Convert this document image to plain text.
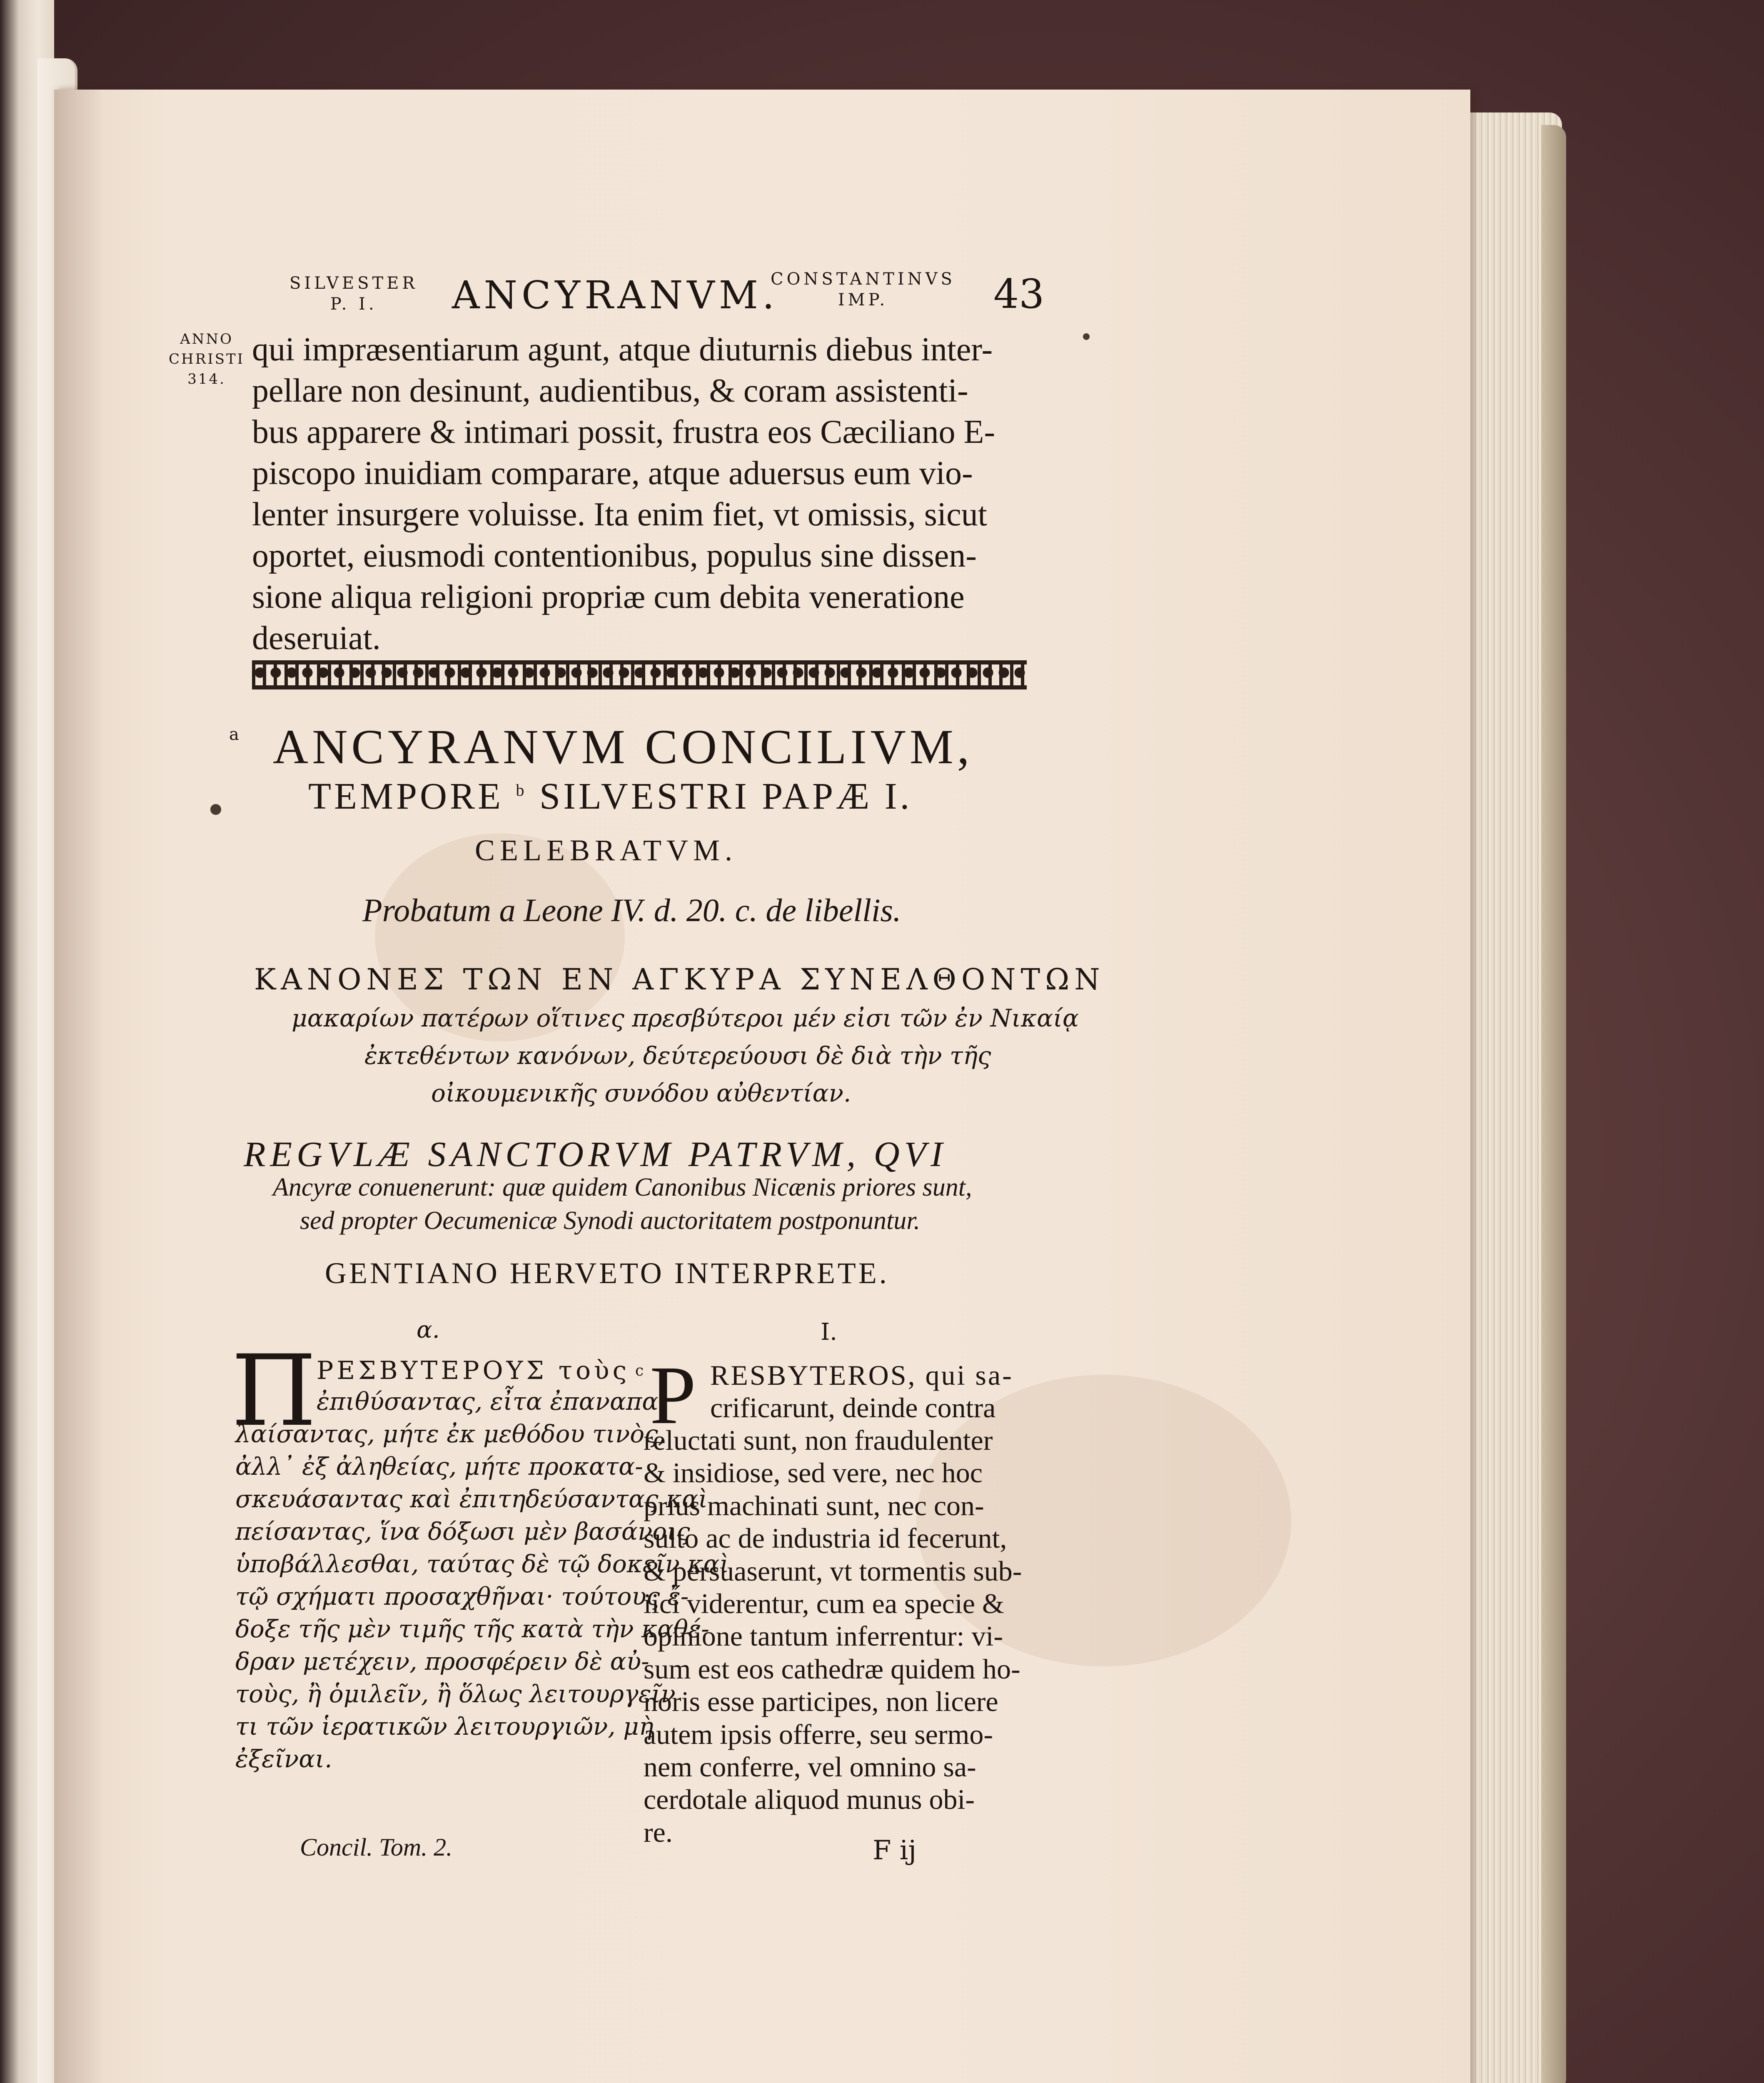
SILVESTER
P. I.	ANCYRANVM.
CONSTANTINVS
IMP.	43
ANNO
CHRISTI
314.
qui impræsentiarum agunt, atque diuturnis diebus inter-
pellare non desinunt, audientibus, & coram assistenti-
bus apparere & intimari possit, frustra eos Cæciliano E-
piscopo inuidiam comparare, atque aduersus eum vio-
lenter insurgere voluisse. Ita enim fiet, vt omissis, sicut
oportet, eiusmodi contentionibus, populus sine dissen-
sione aliqua religioni propriæ cum debita veneratione
deseruiat.
a ANCYRANVM CONCILIVM,
TEMPORE $^b$ SILVESTRI PAPÆ I.
CELEBRATVM.
Probatum a Leone IV. d. 20. c. de libellis.
ΚΑΝΟΝΕΣ ΤΩΝ ΕΝ ΑΓΚΥΡΑ ΣΥΝΕΛΘΟΝΤΩΝ
μακαρίων πατέρων οἵτινες πρεσβύτεροι μέν εἰσι τῶν ἐν Νικαίᾳ
ἐκτεθέντων κανόνων, δεύτερεύουσι δὲ διὰ τὴν τῆς
οἰκουμενικῆς συνόδου αὐθεντίαν.
REGVLÆ SANCTORVM PATRVM, QVI
Ancyræ conuenerunt: quæ quidem Canonibus Nicænis priores sunt,
sed propter Oecumenicæ Synodi auctoritatem postponuntur.
GENTIANO HERVETO INTERPRETE.
α.	I.
Π ΡΕΣΒΥΤΕΡΟΥΣ τοὺς
ἐπιθύσαντας, εἶτα ἐπαναπα-
λαίσαντας, μήτε ἐκ μεθόδου τινὸς,
ἀλλ᾽ ἐξ ἀληθείας, μήτε προκατα-
σκευάσαντας καὶ ἐπιτηδεύσαντας καὶ
πείσαντας, ἵνα δόξωσι μὲν βασάνοις
ὑποβάλλεσθαι, ταύτας δὲ τῷ δοκεῖν καὶ
τῷ σχήματι προσαχθῆναι· τούτους ἔ-
δοξε τῆς μὲν τιμῆς τῆς κατὰ τὴν καθέ-
δραν μετέχειν, προσφέρειν δὲ αὐ-
τοὺς, ἢ ὁμιλεῖν, ἢ ὅλως λειτουργεῖν
τι τῶν ἱερατικῶν λειτουργιῶν, μὴ
ἐξεῖναι.
c P RESBYTEROS, qui sa-
crificarunt, deinde contra
reluctati sunt, non fraudulenter
& insidiose, sed vere, nec hoc
prius machinati sunt, nec con-
sulto ac de industria id fecerunt,
& persuaserunt, vt tormentis sub-
iici viderentur, cum ea specie &
opinione tantum inferrentur: vi-
sum est eos cathedræ quidem ho-
noris esse participes, non licere
autem ipsis offerre, seu sermo-
nem conferre, vel omnino sa-
cerdotale aliquod munus obi-
re.
Concil. Tom. 2.	F ij
